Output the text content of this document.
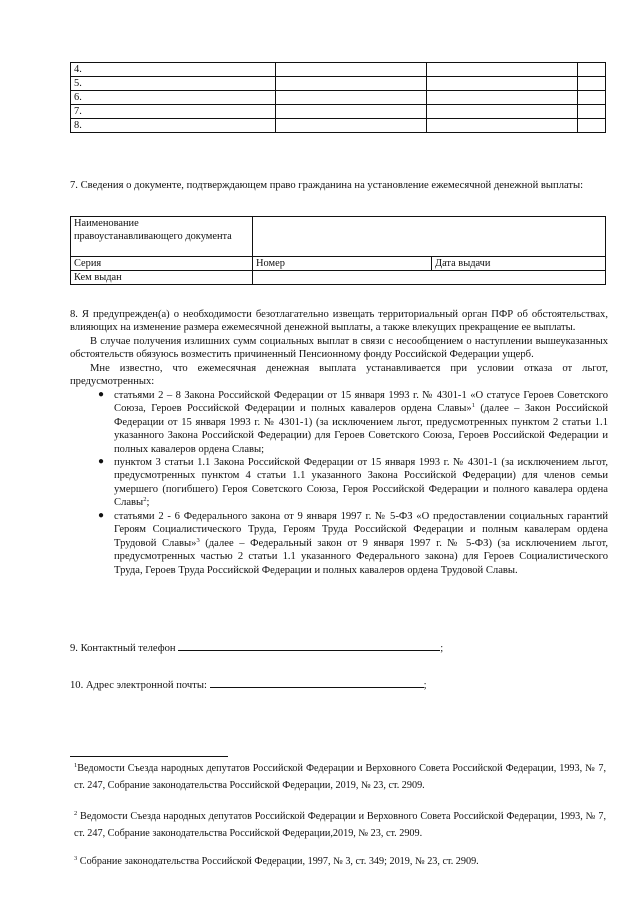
4.			
5.			
6.			
7.			
8.			

7. Сведения о документе, подтверждающем право гражданина на установление ежемесячной денежной выплаты:

Наименование правоустанавливающего документа		
Серия	Номер	Дата выдачи
Кем выдан		

8. Я предупрежден(а) о необходимости безотлагательно извещать территориальный орган ПФР об обстоятельствах, влияющих на изменение размера ежемесячной денежной выплаты, а также влекущих прекращение ее выплаты.

В случае получения излишних сумм социальных выплат в связи с несообщением о наступлении вышеуказанных обстоятельств обязуюсь возместить причиненный Пенсионному фонду Российской Федерации ущерб.

Мне известно, что ежемесячная денежная выплата устанавливается при условии отказа от льгот, предусмотренных:

● статьями 2 – 8 Закона Российской Федерации от 15 января 1993 г. № 4301-1 «О статусе Героев Советского Союза, Героев Российской Федерации и полных кавалеров ордена Славы»$^1$ (далее – Закон Российской Федерации от 15 января 1993 г. № 4301-1) (за исключением льгот, предусмотренных пунктом 2 статьи 1.1 указанного Закона Российской Федерации) для Героев Советского Союза, Героев Российской Федерации и полных кавалеров ордена Славы;
● пунктом 3 статьи 1.1 Закона Российской Федерации от 15 января 1993 г. № 4301-1 (за исключением льгот, предусмотренных пунктом 4 статьи 1.1 указанного Закона Российской Федерации) для членов семьи умершего (погибшего) Героя Советского Союза, Героя Российской Федерации и полного кавалера ордена Славы$^2$;
● статьями 2 - 6 Федерального закона от 9 января 1997 г. № 5-ФЗ «О предоставлении социальных гарантий Героям Социалистического Труда, Героям Труда Российской Федерации и полным кавалерам ордена Трудовой Славы»$^3$ (далее – Федеральный закон от 9 января 1997 г. № 5-ФЗ) (за исключением льгот, предусмотренных частью 2 статьи 1.1 указанного Федерального закона) для Героев Социалистического Труда, Героев Труда Российской Федерации и полных кавалеров ордена Трудовой Славы.
9. Контактный телефон	;
10. Адрес электронной почты:	;
$^1$Ведомости Съезда народных депутатов Российской Федерации и Верховного Совета Российской Федерации, 1993, № 7, ст. 247, Собрание законодательства Российской Федерации, 2019, № 23, ст. 2909.
$^2$ Ведомости Съезда народных депутатов Российской Федерации и Верховного Совета Российской Федерации, 1993, № 7, ст. 247, Собрание законодательства Российской Федерации,2019, № 23, ст. 2909.
$^3$ Собрание законодательства Российской Федерации, 1997, № 3, ст. 349; 2019, № 23, ст. 2909.
